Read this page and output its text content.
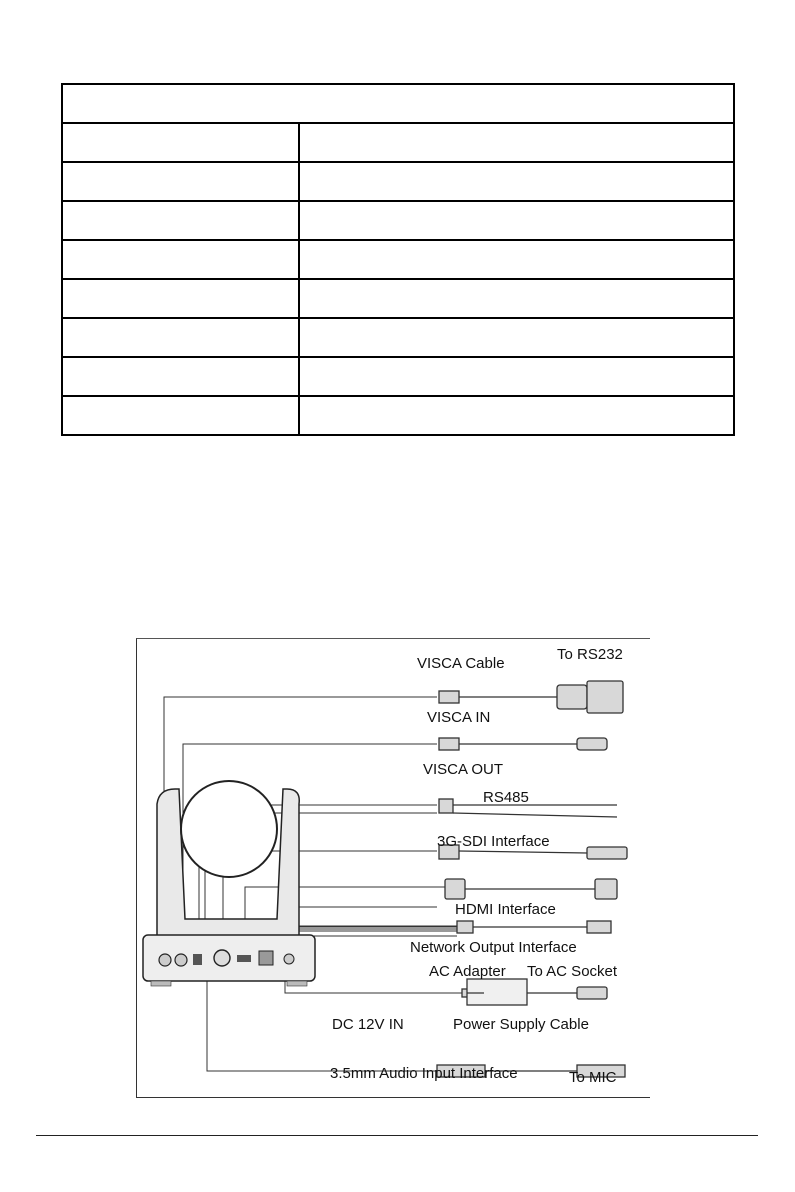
VISCA Cable
To RS232
VISCA IN
VISCA OUT
RS485
3G-SDI Interface
HDMI Interface
Network Output Interface
AC Adapter To AC Socket
DC 12V IN	Power Supply Cable
3.5mm Audio Input Interface	To MIC
